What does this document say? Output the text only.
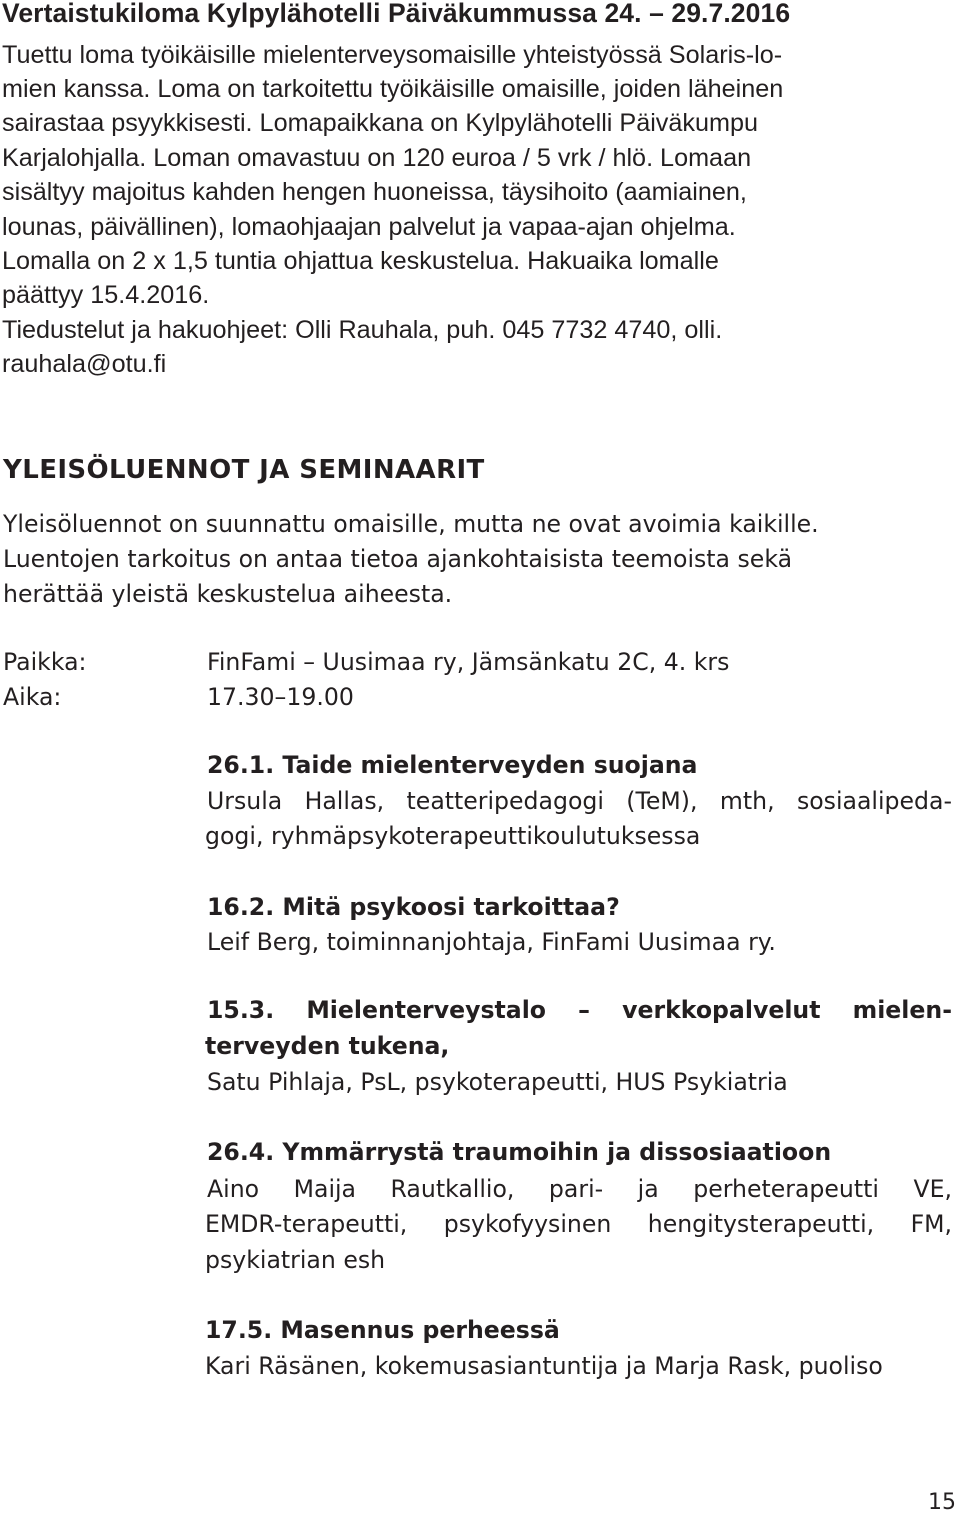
Vertaistukiloma Kylpylähotelli Päiväkummussa 24. – 29.7.2016
Tuettu loma työikäisille mielenterveysomaisille yhteistyössä Solaris-lo-
mien kanssa. Loma on tarkoitettu työikäisille omaisille, joiden läheinen
sairastaa psyykkisesti. Lomapaikkana on Kylpylähotelli Päiväkumpu
Karjalohjalla. Loman omavastuu on 120 euroa / 5 vrk / hlö. Lomaan
sisältyy majoitus kahden hengen huoneissa, täysihoito (aamiainen,
lounas, päivällinen), lomaohjaajan palvelut ja vapaa-ajan ohjelma.
Lomalla on 2 x 1,5 tuntia ohjattua keskustelua. Hakuaika lomalle
päättyy 15.4.2016.
Tiedustelut ja hakuohjeet: Olli Rauhala, puh. 045 7732 4740, olli.
rauhala@otu.fi
YLEISÖLUENNOT JA SEMINAARIT
Yleisöluennot on suunnattu omaisille, mutta ne ovat avoimia kaikille.
Luentojen tarkoitus on antaa tietoa ajankohtaisista teemoista sekä
herättää yleistä keskustelua aiheesta.
Paikka:	FinFami – Uusimaa ry, Jämsänkatu 2C, 4. krs
Aika:	17.30–19.00
26.1. Taide mielenterveyden suojana
Ursula Hallas, teatteripedagogi (TeM), mth, sosiaalipeda-
gogi, ryhmäpsykoterapeuttikoulutuksessa
16.2. Mitä psykoosi tarkoittaa?
Leif Berg, toiminnanjohtaja, FinFami Uusimaa ry.
15.3. Mielenterveystalo – verkkopalvelut mielen-
terveyden tukena,
Satu Pihlaja, PsL, psykoterapeutti, HUS Psykiatria
26.4. Ymmärrystä traumoihin ja dissosiaatioon
Aino Maija Rautkallio, pari- ja perheterapeutti VE,
EMDR-terapeutti, psykofyysinen hengitysterapeutti, FM,
psykiatrian esh
17.5. Masennus perheessä
Kari Räsänen, kokemusasiantuntija ja Marja Rask, puoliso
15
